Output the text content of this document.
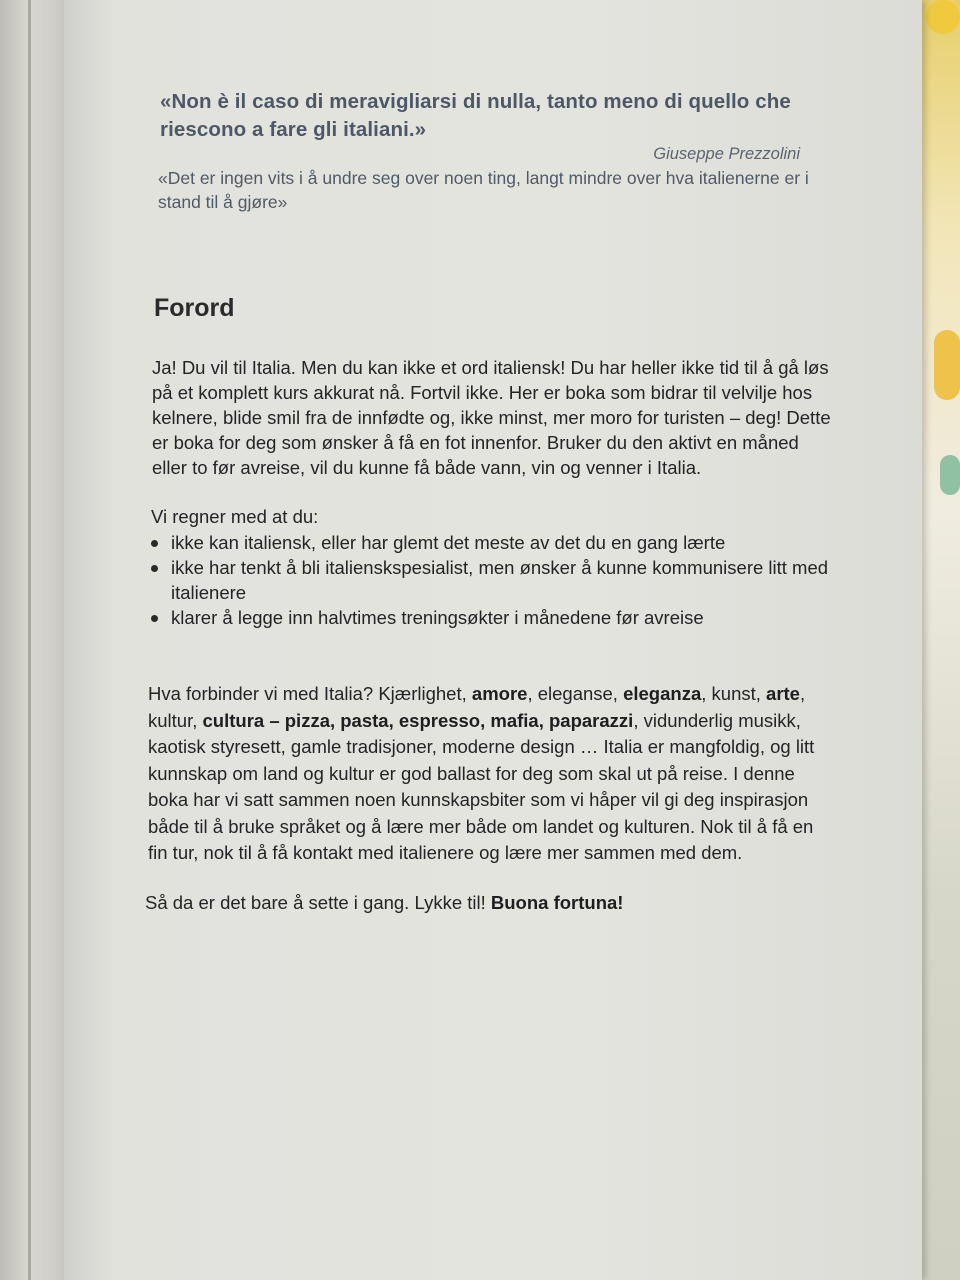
«Non è il caso di meravigliarsi di nulla, tanto meno di quello che riescono a fare gli italiani.»
Giuseppe Prezzolini
«Det er ingen vits i å undre seg over noen ting, langt mindre over hva italienerne er i stand til å gjøre»
Forord
Ja! Du vil til Italia. Men du kan ikke et ord italiensk! Du har heller ikke tid til å gå løs på et komplett kurs akkurat nå. Fortvil ikke. Her er boka som bidrar til velvilje hos kelnere, blide smil fra de innfødte og, ikke minst, mer moro for turisten – deg! Dette er boka for deg som ønsker å få en fot innenfor. Bruker du den aktivt en måned eller to før avreise, vil du kunne få både vann, vin og venner i Italia.
Vi regner med at du:
ikke kan italiensk, eller har glemt det meste av det du en gang lærte
ikke har tenkt å bli italienskspesialist, men ønsker å kunne kommunisere litt med italienere
klarer å legge inn halvtimes treningsøkter i månedene før avreise
Hva forbinder vi med Italia? Kjærlighet, amore, eleganse, eleganza, kunst, arte, kultur, cultura – pizza, pasta, espresso, mafia, paparazzi, vidunderlig musikk, kaotisk styresett, gamle tradisjoner, moderne design … Italia er mangfoldig, og litt kunnskap om land og kultur er god ballast for deg som skal ut på reise. I denne boka har vi satt sammen noen kunnskapsbiter som vi håper vil gi deg inspirasjon både til å bruke språket og å lære mer både om landet og kulturen. Nok til å få en fin tur, nok til å få kontakt med italienere og lære mer sammen med dem.
Så da er det bare å sette i gang. Lykke til! Buona fortuna!
